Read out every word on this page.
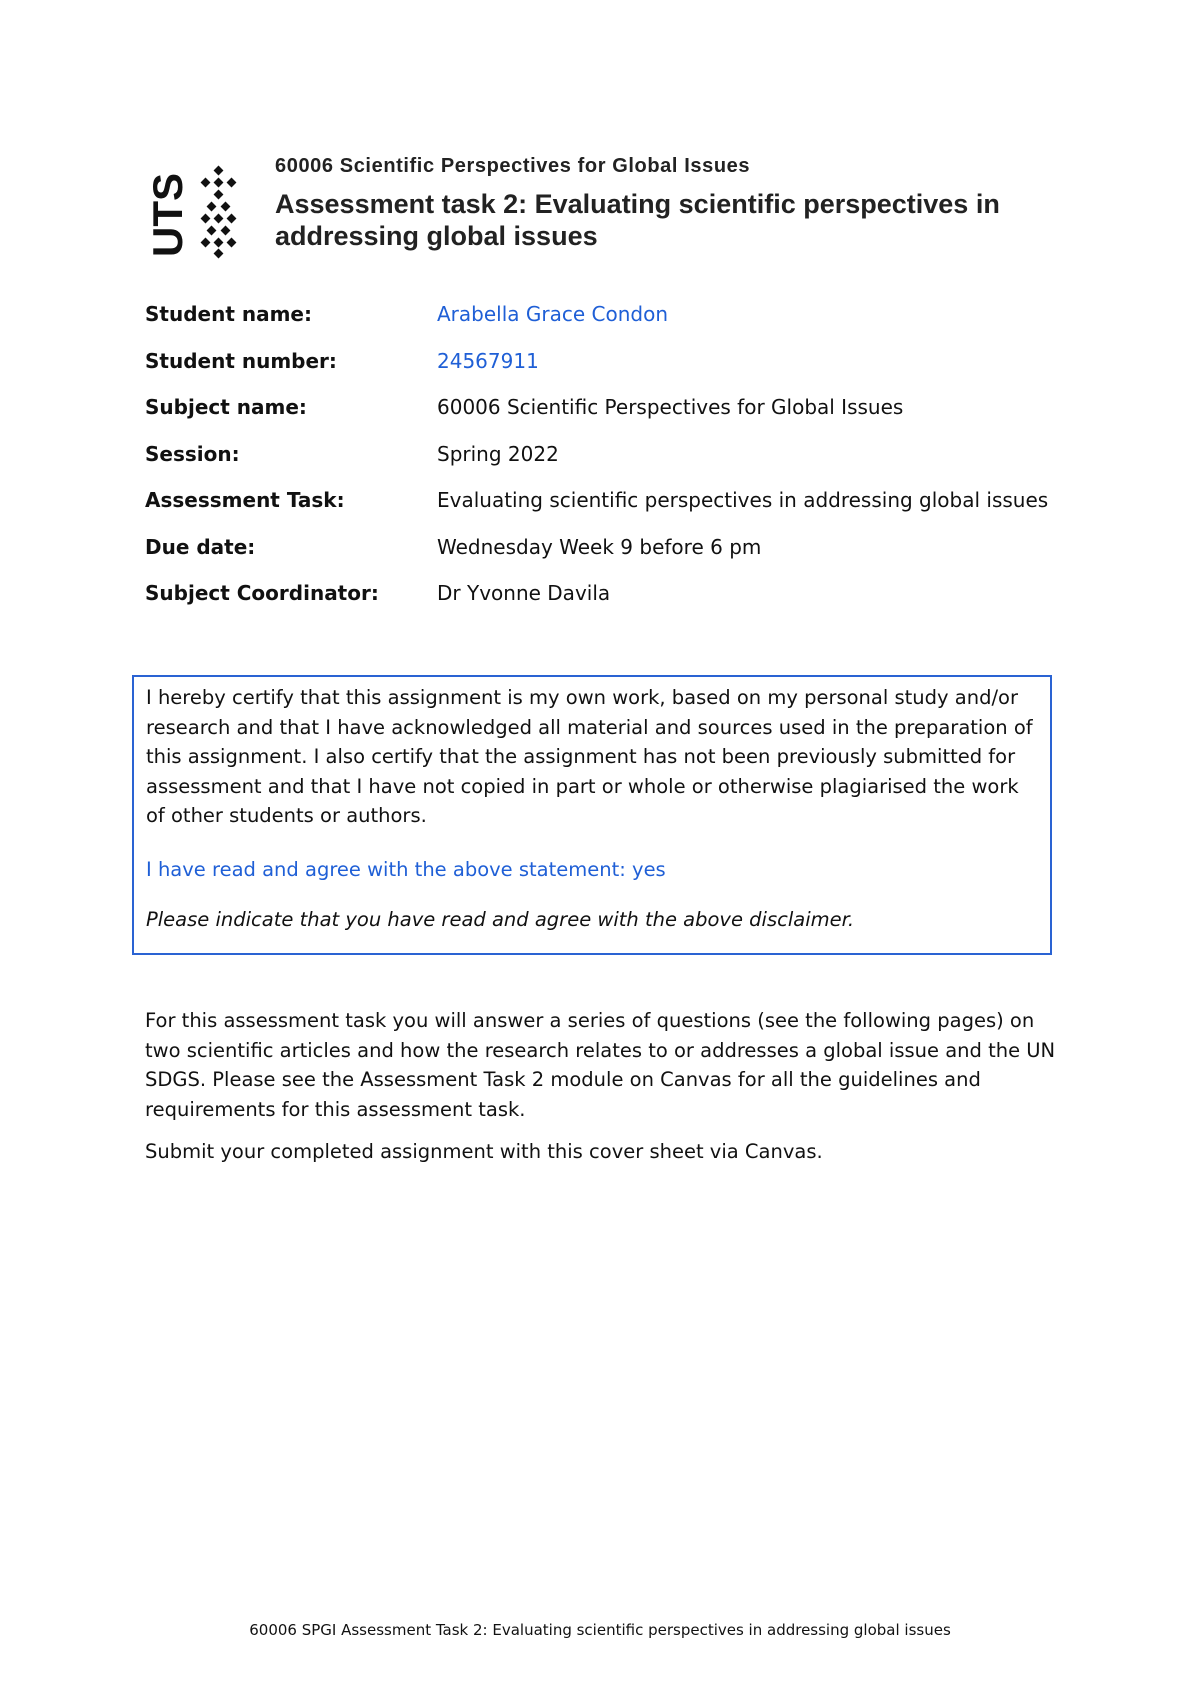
UTS
60006 Scientific Perspectives for Global Issues
Assessment task 2: Evaluating scientific perspectives in addressing global issues
Student name:	Arabella Grace Condon
Student number:	24567911
Subject name:	60006 Scientific Perspectives for Global Issues
Session:	Spring 2022
Assessment Task:	Evaluating scientific perspectives in addressing global issues
Due date:	Wednesday Week 9 before 6 pm
Subject Coordinator:	Dr Yvonne Davila

I hereby certify that this assignment is my own work, based on my personal study and/or research and that I have acknowledged all material and sources used in the preparation of this assignment. I also certify that the assignment has not been previously submitted for assessment and that I have not copied in part or whole or otherwise plagiarised the work of other students or authors.

I have read and agree with the above statement: yes

Please indicate that you have read and agree with the above disclaimer.

For this assessment task you will answer a series of questions (see the following pages) on two scientific articles and how the research relates to or addresses a global issue and the UN SDGS. Please see the Assessment Task 2 module on Canvas for all the guidelines and requirements for this assessment task.

Submit your completed assignment with this cover sheet via Canvas.

60006 SPGI Assessment Task 2: Evaluating scientific perspectives in addressing global issues
